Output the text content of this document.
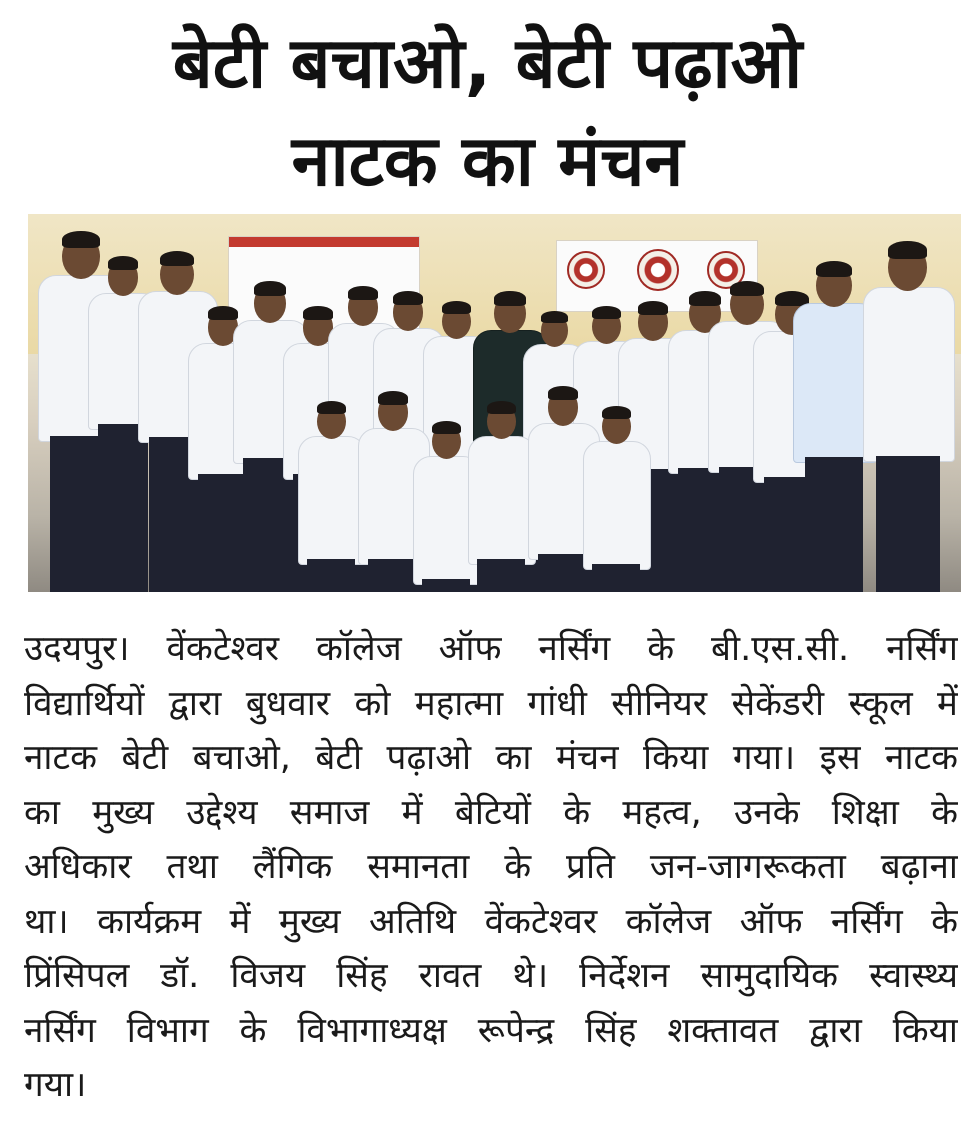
बेटी बचाओ, बेटी पढ़ाओ
नाटक का मंचन
उदयपुर। वेंकटेश्वर कॉलेज ऑफ नर्सिंग के बी.एस.सी. नर्सिंग
विद्यार्थियों द्वारा बुधवार को महात्मा गांधी सीनियर सेकेंडरी स्कूल में
नाटक बेटी बचाओ, बेटी पढ़ाओ का मंचन किया गया। इस नाटक
का मुख्य उद्देश्य समाज में बेटियों के महत्व, उनके शिक्षा के
अधिकार तथा लैंगिक समानता के प्रति जन-जागरूकता बढ़ाना
था। कार्यक्रम में मुख्य अतिथि वेंकटेश्वर कॉलेज ऑफ नर्सिंग के
प्रिंसिपल डॉ. विजय सिंह रावत थे। निर्देशन सामुदायिक स्वास्थ्य
नर्सिंग विभाग के विभागाध्यक्ष रूपेन्द्र सिंह शक्तावत द्वारा किया
गया।
